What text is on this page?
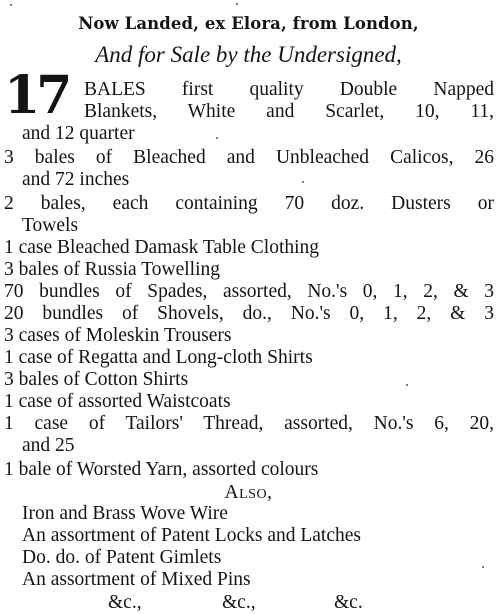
Now Landed, ex Elora, from London,
And for Sale by the Undersigned,
17 BALES first quality Double Napped
Blankets, White and Scarlet, 10, 11,
and 12 quarter
3 bales of Bleached and Unbleached Calicos, 26
and 72 inches
2 bales, each containing 70 doz. Dusters or
Towels
1 case Bleached Damask Table Clothing
3 bales of Russia Towelling
70 bundles of Spades, assorted, No.'s 0, 1, 2, & 3
20 bundles of Shovels, do., No.'s 0, 1, 2, & 3
3 cases of Moleskin Trousers
1 case of Regatta and Long-cloth Shirts
3 bales of Cotton Shirts
1 case of assorted Waistcoats
1 case of Tailors' Thread, assorted, No.'s 6, 20,
and 25
1 bale of Worsted Yarn, assorted colours
Also,
Iron and Brass Wove Wire
An assortment of Patent Locks and Latches
Do. do. of Patent Gimlets
An assortment of Mixed Pins
&c.,	&c.,	&c.
